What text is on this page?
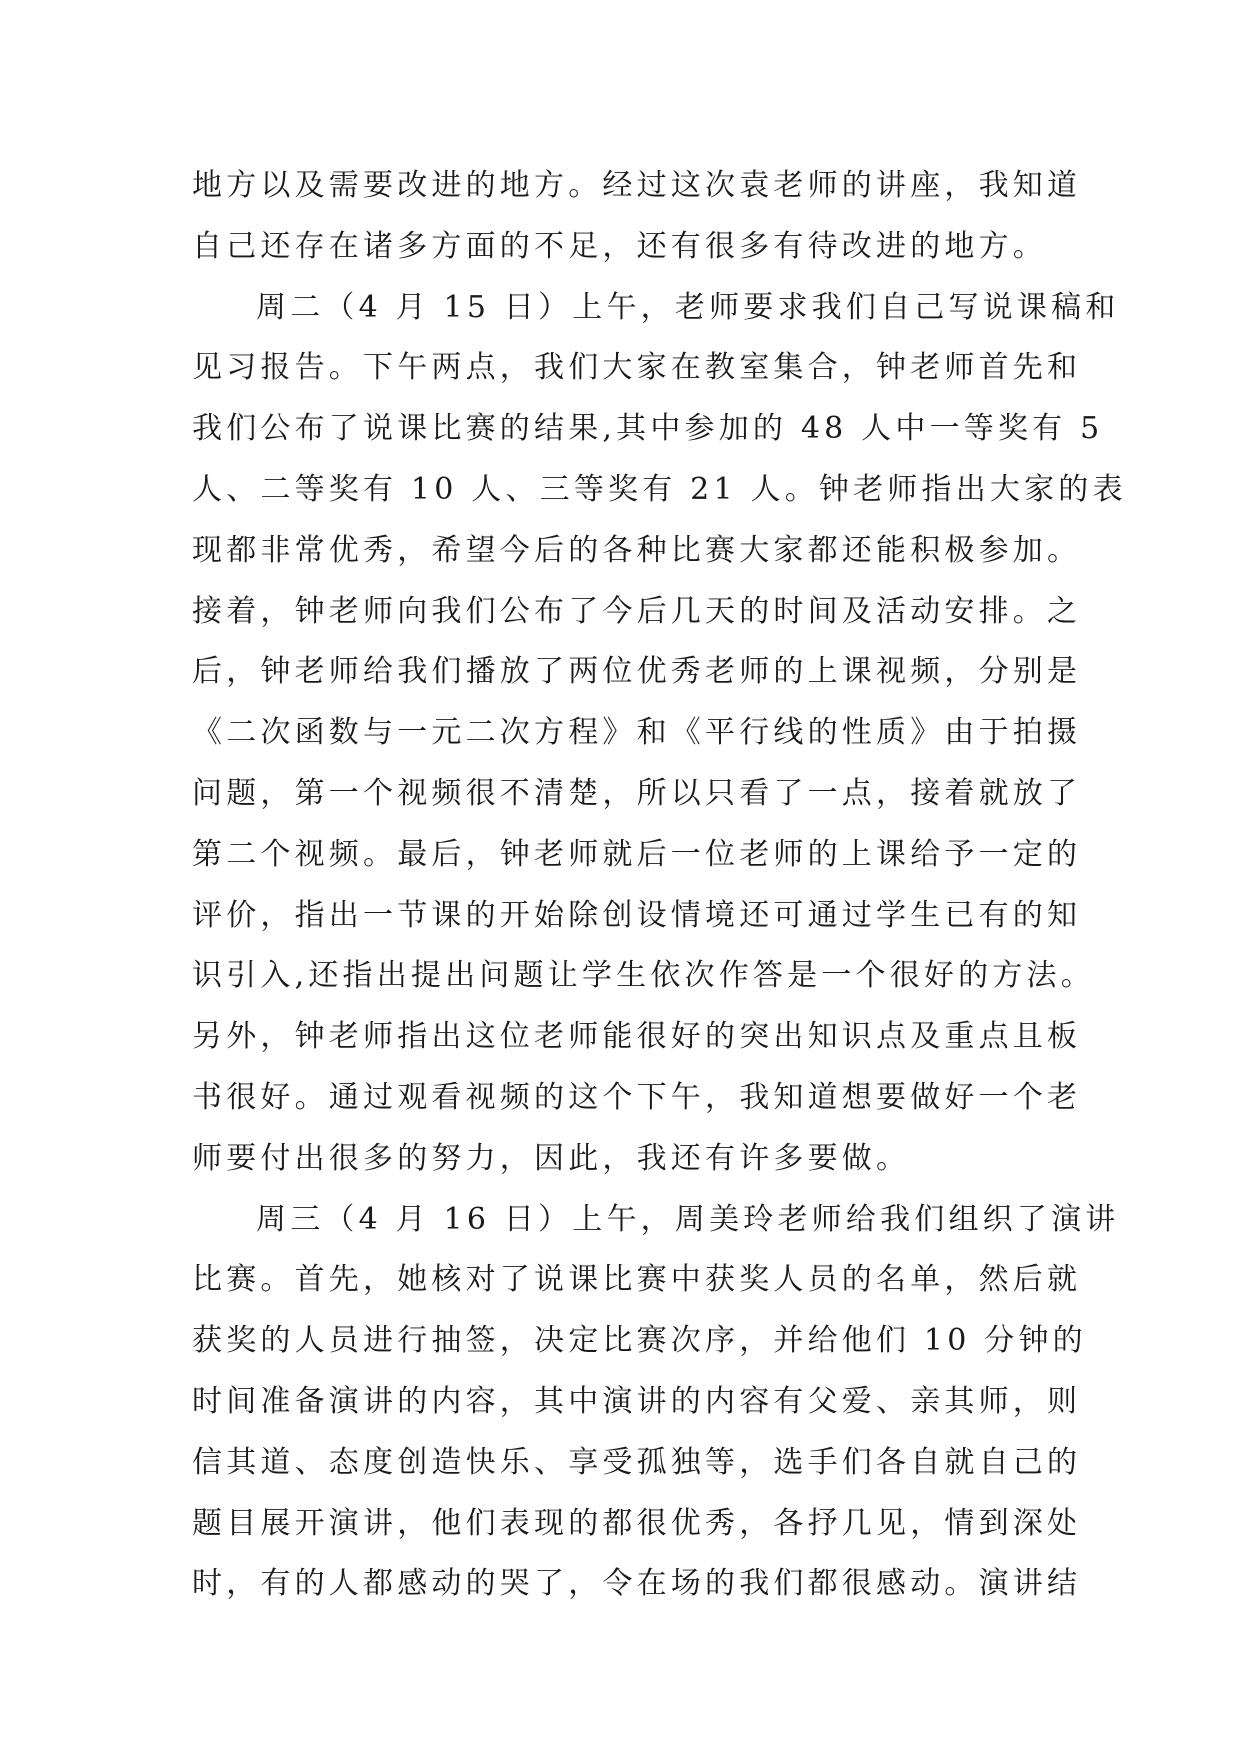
地方以及需要改进的地方。经过这次袁老师的讲座，我知道
自己还存在诸多方面的不足，还有很多有待改进的地方。
周二（4 月 15 日）上午，老师要求我们自己写说课稿和
见习报告。下午两点，我们大家在教室集合，钟老师首先和
我们公布了说课比赛的结果,其中参加的 48 人中一等奖有 5
人、二等奖有 10 人、三等奖有 21 人。钟老师指出大家的表
现都非常优秀，希望今后的各种比赛大家都还能积极参加。
接着，钟老师向我们公布了今后几天的时间及活动安排。之
后，钟老师给我们播放了两位优秀老师的上课视频，分别是
《二次函数与一元二次方程》和《平行线的性质》由于拍摄
问题，第一个视频很不清楚，所以只看了一点，接着就放了
第二个视频。最后，钟老师就后一位老师的上课给予一定的
评价，指出一节课的开始除创设情境还可通过学生已有的知
识引入,还指出提出问题让学生依次作答是一个很好的方法。
另外，钟老师指出这位老师能很好的突出知识点及重点且板
书很好。通过观看视频的这个下午，我知道想要做好一个老
师要付出很多的努力，因此，我还有许多要做。
周三（4 月 16 日）上午，周美玲老师给我们组织了演讲
比赛。首先，她核对了说课比赛中获奖人员的名单，然后就
获奖的人员进行抽签，决定比赛次序，并给他们 10 分钟的
时间准备演讲的内容，其中演讲的内容有父爱、亲其师，则
信其道、态度创造快乐、享受孤独等，选手们各自就自己的
题目展开演讲，他们表现的都很优秀，各抒几见，情到深处
时，有的人都感动的哭了，令在场的我们都很感动。演讲结
